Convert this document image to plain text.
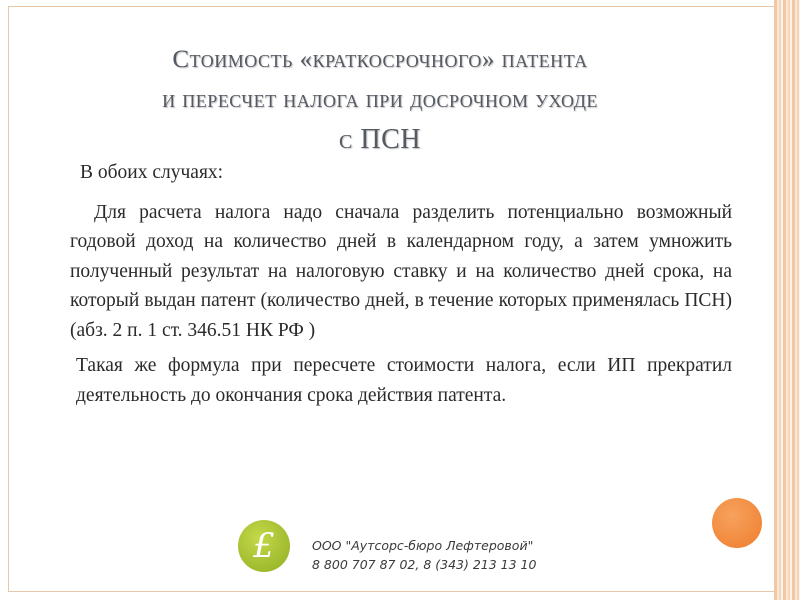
Стоимость «краткосрочного» патента
и пересчет налога при досрочном уходе
с ПСН

В обоих случаях:

Для расчета налога надо сначала разделить потенциально возможный годовой доход на количество дней в календарном году, а затем умножить полученный результат на налоговую ставку и на количество дней срока, на который выдан патент (количество дней, в течение которых применялась ПСН) (абз. 2 п. 1 ст. 346.51 НК РФ )

Такая же формула при пересчете стоимости налога, если ИП прекратил деятельность до окончания срока действия патента.

£	ООО "Аутсорс-бюро Лефтеровой"
8 800 707 87 02, 8 (343) 213 13 10
